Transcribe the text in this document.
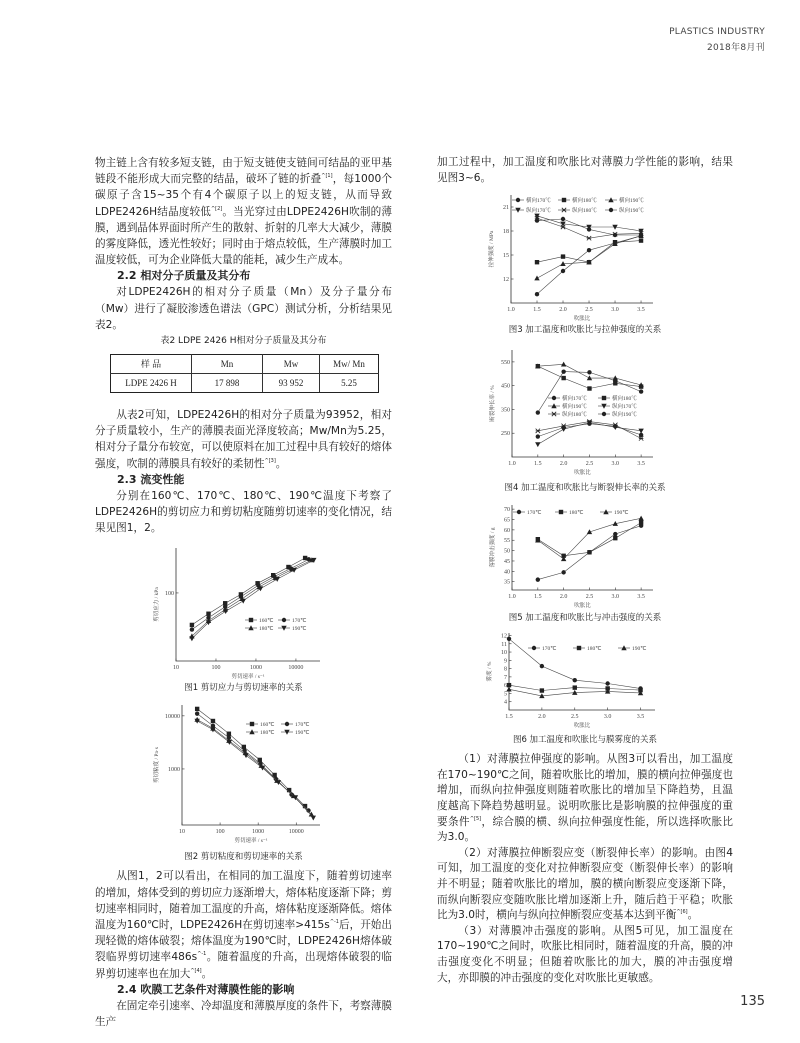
PLASTICS INDUSTRY
2018年8月刊

物主链上含有较多短支链，由于短支链使支链间可结晶的亚甲基链段不能形成大而完整的结晶，破坏了链的折叠$^{\^{}[1]}$，每1000个碳原子含15~35个有4个碳原子以上的短支链，从而导致LDPE2426H结晶度较低$^{\^{}[2]}$。当光穿过由LDPE2426H吹制的薄膜，遇到晶体界面时所产生的散射、折射的几率大大减少，薄膜的雾度降低，透光性较好；同时由于熔点较低，生产薄膜时加工温度较低，可为企业降低大量的能耗，减少生产成本。

2.2 相对分子质量及其分布

对LDPE2426H的相对分子质量（Mn）及分子量分布（Mw）进行了凝胶渗透色谱法（GPC）测试分析，分析结果见表2。

表2 LDPE 2426 H相对分子质量及其分布
样 品	Mn	Mw	Mw/ Mn
LDPE 2426 H	17 898	93 952	5.25

从表2可知，LDPE2426H的相对分子质量为93952，相对分子质量较小，生产的薄膜表面光泽度较高；Mw/Mn为5.25，相对分子量分布较宽，可以使原料在加工过程中具有较好的熔体强度，吹制的薄膜具有较好的柔韧性$^{\^{}[3]}$。

2.3 流变性能

分别在160℃、170℃、180℃、190℃温度下考察了LDPE2426H的剪切应力和剪切粘度随剪切速率的变化情况，结果见图1，2。

10	100	1000	10000
100
剪切速率 / s⁻¹
剪切应力 / kPa	160℃	170℃
180℃	190℃
图1 剪切应力与剪切速率的关系
10	100	1000	10000
1000
10000
剪切速率 / s⁻¹
剪切粘度 / Pa·s
160℃	170℃
180℃	190℃
图2 剪切粘度和剪切速率的关系

从图1，2可以看出，在相同的加工温度下，随着剪切速率的增加，熔体受到的剪切应力逐渐增大，熔体粘度逐渐下降；剪切速率相同时，随着加工温度的升高，熔体粘度逐渐降低。熔体温度为160℃时，LDPE2426H在剪切速率$>415s^{\^{}-1}$后，开始出现轻微的熔体破裂；熔体温度为190℃时，LDPE2426H熔体破裂临界剪切速率$486s^{\^{}-1}$。随着温度的升高，出现熔体破裂的临界剪切速率也在加大$^{\^{}[4]}$。

2.4 吹膜工艺条件对薄膜性能的影响

在固定牵引速率、冷却温度和薄膜厚度的条件下，考察薄膜生产

加工过程中，加工温度和吹胀比对薄膜力学性能的影响，结果见图3~6。

1.0	1.5	2.0	2.5	3.0	3.5
12
15
18
21
吹胀比
拉伸强度 / MPa
横向170℃	横向180℃	横向190℃
纵向170℃	纵向180℃	纵向190℃
图3 加工温度和吹胀比与拉伸强度的关系
1.0	1.5	2.0	2.5	3.0	3.5
250
350
450
550
吹胀比
断裂伸长率 / %	横向170℃	横向180℃
横向190℃	纵向170℃
纵向180℃	纵向190℃
图4 加工温度和吹胀比与断裂伸长率的关系
1.0	1.5	2.0	2.5	3.0	3.5
35
40
45
50
55
60
65
70
吹胀比
落膜冲击强度 / g
170℃	180℃	190℃
图5 加工温度和吹胀比与冲击强度的关系
1.5	2.0	2.5	3.0	3.5
4
5
6
7
8
9
10
11
12
吹胀比
雾度 / %
170℃	180℃	190℃
图6 加工温度和吹胀比与膜雾度的关系

（1）对薄膜拉伸强度的影响。从图3可以看出，加工温度在170~190℃之间，随着吹胀比的增加，膜的横向拉伸强度也增加，而纵向拉伸强度则随着吹胀比的增加呈下降趋势，且温度越高下降趋势越明显。说明吹胀比是影响膜的拉伸强度的重要条件$^{\^{}[5]}$，综合膜的横、纵向拉伸强度性能，所以选择吹胀比为3.0。

（2）对薄膜拉伸断裂应变（断裂伸长率）的影响。由图4可知，加工温度的变化对拉伸断裂应变（断裂伸长率）的影响并不明显；随着吹胀比的增加，膜的横向断裂应变逐渐下降，而纵向断裂应变随吹胀比增加逐渐上升，随后趋于平稳；吹胀比为3.0时，横向与纵向拉伸断裂应变基本达到平衡$^{\^{}[6]}$。

（3）对薄膜冲击强度的影响。从图5可见，加工温度在170~190℃之间时，吹胀比相同时，随着温度的升高，膜的冲击强度变化不明显；但随着吹胀比的加大，膜的冲击强度增大，亦即膜的冲击强度的变化对吹胀比更敏感。

135
